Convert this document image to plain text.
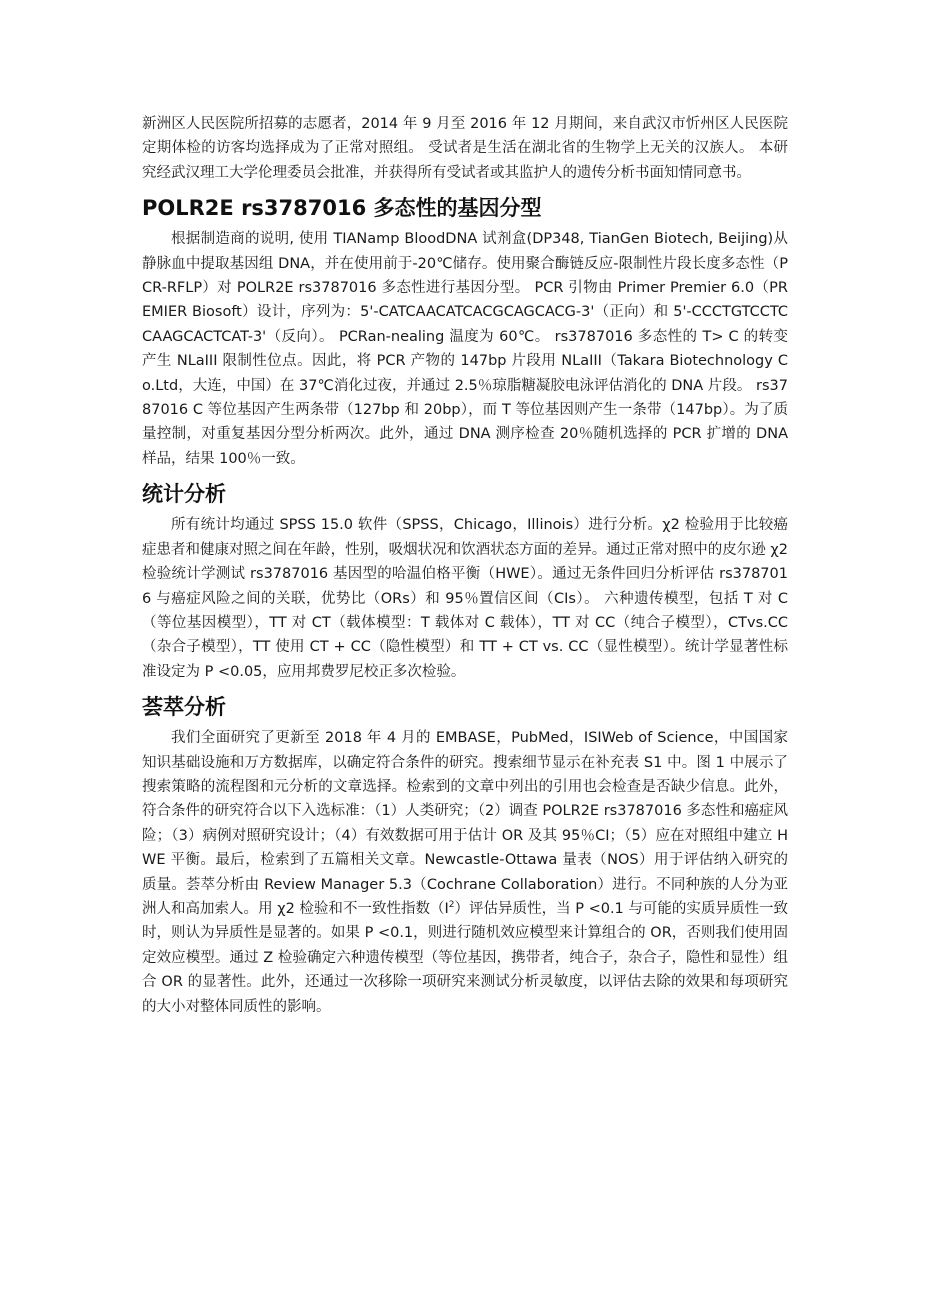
新洲区人民医院所招募的志愿者，2014 年 9 月至 2016 年 12 月期间，来自武汉市忻州区人民医院定期体检的访客均选择成为了正常对照组。 受试者是生活在湖北省的生物学上无关的汉族人。 本研究经武汉理工大学伦理委员会批准，并获得所有受试者或其监护人的遗传分析书面知情同意书。

POLR2E rs3787016 多态性的基因分型

根据制造商的说明, 使用 TIANamp BloodDNA 试剂盒(DP348, TianGen Biotech, Beijing)从静脉血中提取基因组 DNA，并在使用前于-20℃储存。使用聚合酶链反应-限制性片段长度多态性（PCR-RFLP）对 POLR2E rs3787016 多态性进行基因分型。 PCR 引物由 Primer Premier 6.0（PREMIER Biosoft）设计，序列为：5'-CATCAACATCACGCAGCACG-3'（正向）和 5'-CCCTGTCCTCCAAGCACTCAT-3'（反向）。 PCRan-nealing 温度为 60℃。 rs3787016 多态性的 T> C 的转变产生 NLaIII 限制性位点。因此，将 PCR 产物的 147bp 片段用 NLaIII（Takara Biotechnology Co.Ltd，大连，中国）在 37℃消化过夜，并通过 2.5％琼脂糖凝胶电泳评估消化的 DNA 片段。 rs3787016 C 等位基因产生两条带（127bp 和 20bp），而 T 等位基因则产生一条带（147bp）。为了质量控制，对重复基因分型分析两次。此外，通过 DNA 测序检查 20％随机选择的 PCR 扩增的 DNA 样品，结果 100％一致。

统计分析

所有统计均通过 SPSS 15.0 软件（SPSS，Chicago，Illinois）进行分析。χ2 检验用于比较癌症患者和健康对照之间在年龄，性别，吸烟状况和饮酒状态方面的差异。通过正常对照中的皮尔逊 χ2 检验统计学测试 rs3787016 基因型的哈温伯格平衡（HWE）。通过无条件回归分析评估 rs3787016 与癌症风险之间的关联，优势比（ORs）和 95％置信区间（CIs）。 六种遗传模型，包括 T 对 C（等位基因模型），TT 对 CT（载体模型：T 载体对 C 载体），TT 对 CC（纯合子模型），CTvs.CC（杂合子模型），TT 使用 CT + CC（隐性模型）和 TT + CT vs. CC（显性模型）。统计学显著性标准设定为 P <0.05，应用邦费罗尼校正多次检验。

荟萃分析

我们全面研究了更新至 2018 年 4 月的 EMBASE，PubMed，ISIWeb of Science，中国国家知识基础设施和万方数据库，以确定符合条件的研究。搜索细节显示在补充表 S1 中。图 1 中展示了搜索策略的流程图和元分析的文章选择。检索到的文章中列出的引用也会检查是否缺少信息。此外，符合条件的研究符合以下入选标准：（1）人类研究；（2）调查 POLR2E rs3787016 多态性和癌症风险；（3）病例对照研究设计；（4）有效数据可用于估计 OR 及其 95％CI；（5）应在对照组中建立 HWE 平衡。最后，检索到了五篇相关文章。Newcastle-Ottawa 量表（NOS）用于评估纳入研究的质量。荟萃分析由 Review Manager 5.3（Cochrane Collaboration）进行。不同种族的人分为亚洲人和高加索人。用 χ2 检验和不一致性指数$(I^2)$评估异质性，当 P <0.1 与可能的实质异质性一致时，则认为异质性是显著的。如果 P <0.1，则进行随机效应模型来计算组合的 OR，否则我们使用固定效应模型。通过 Z 检验确定六种遗传模型（等位基因，携带者，纯合子，杂合子，隐性和显性）组合 OR 的显著性。此外，还通过一次移除一项研究来测试分析灵敏度，以评估去除的效果和每项研究的大小对整体同质性的影响。
